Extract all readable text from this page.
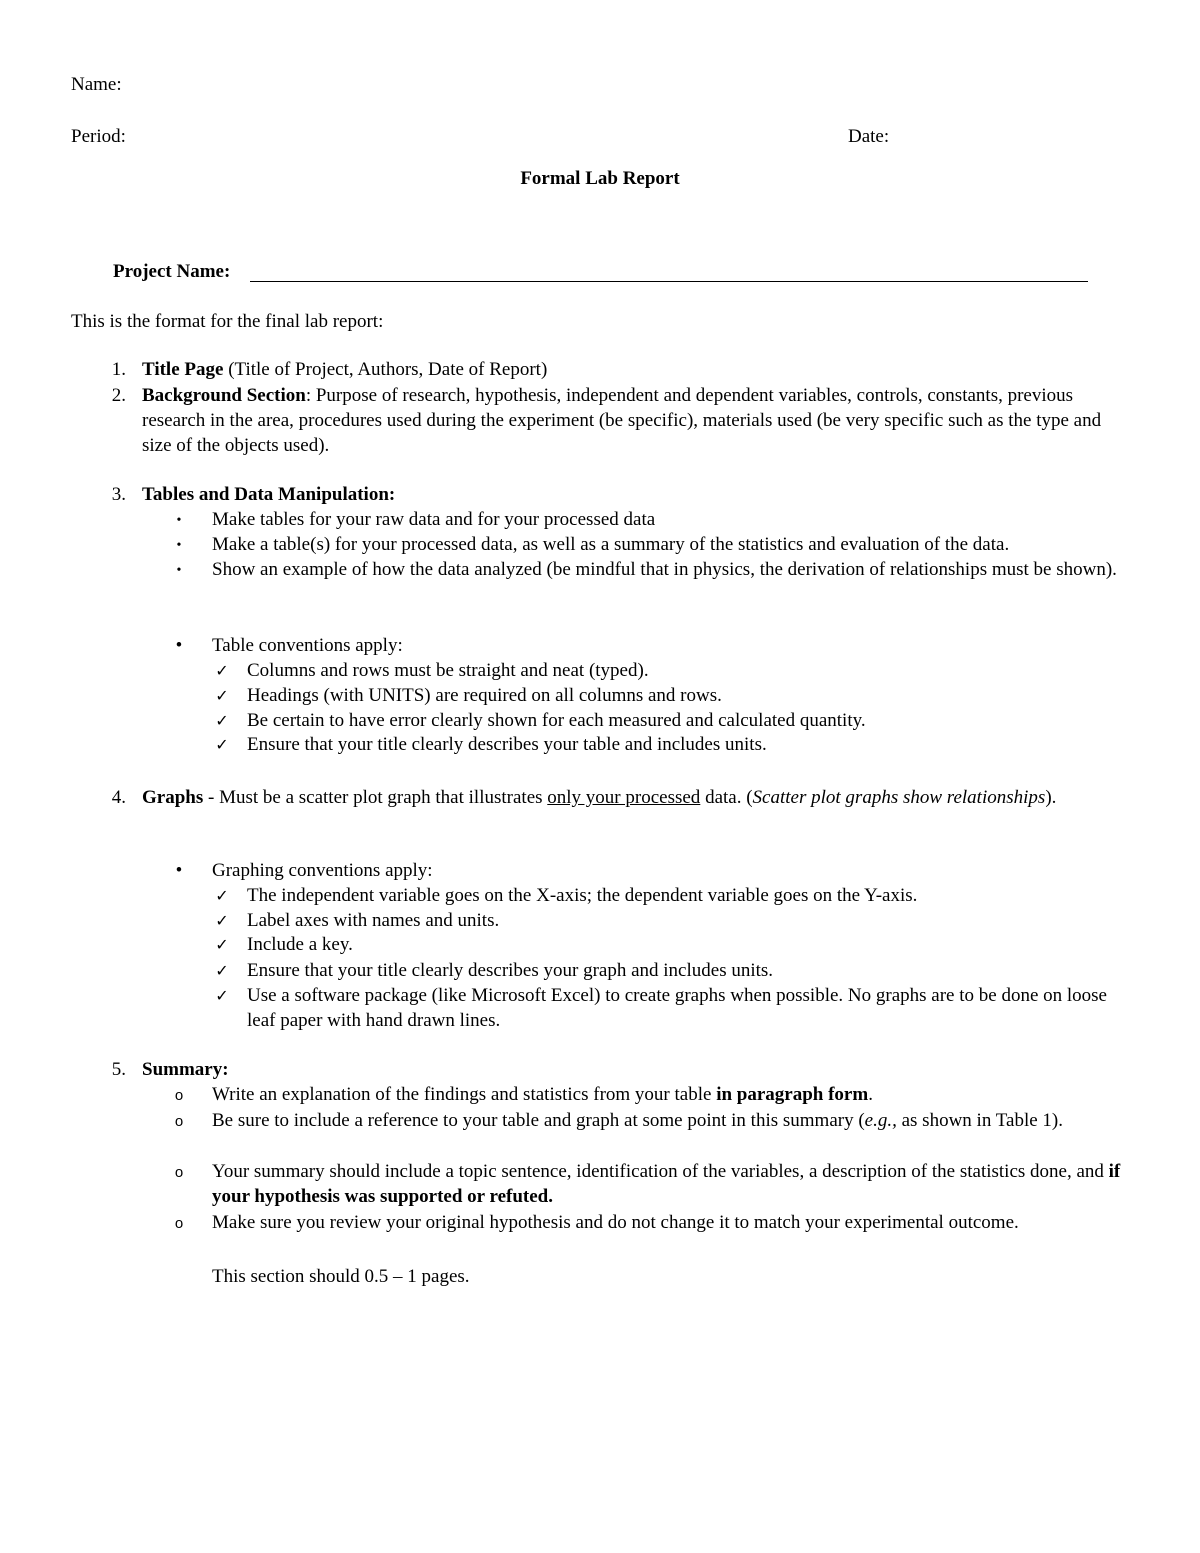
Name:
Period:	Date:
Formal Lab Report
Project Name:
This is the format for the final lab report:
1. Title Page (Title of Project, Authors, Date of Report)
2. Background Section: Purpose of research, hypothesis, independent and dependent variables, controls, constants, previous research in the area, procedures used during the experiment (be specific), materials used (be very specific such as the type and size of the objects used).
3. Tables and Data Manipulation:
• Make tables for your raw data and for your processed data
• Make a table(s) for your processed data, as well as a summary of the statistics and evaluation of the data.
• Show an example of how the data analyzed (be mindful that in physics, the derivation of relationships must be shown).
• Table conventions apply:
✓ Columns and rows must be straight and neat (typed).
✓ Headings (with UNITS) are required on all columns and rows.
✓ Be certain to have error clearly shown for each measured and calculated quantity.
✓ Ensure that your title clearly describes your table and includes units.
4. Graphs - Must be a scatter plot graph that illustrates only your processed data. (Scatter plot graphs show relationships).
• Graphing conventions apply:
✓ The independent variable goes on the X-axis; the dependent variable goes on the Y-axis.
✓ Label axes with names and units.
✓ Include a key.
✓ Ensure that your title clearly describes your graph and includes units.
✓ Use a software package (like Microsoft Excel) to create graphs when possible. No graphs are to be done on loose leaf paper with hand drawn lines.
5. Summary:
o Write an explanation of the findings and statistics from your table in paragraph form.
o Be sure to include a reference to your table and graph at some point in this summary (e.g., as shown in Table 1).
o Your summary should include a topic sentence, identification of the variables, a description of the statistics done, and if your hypothesis was supported or refuted.
o Make sure you review your original hypothesis and do not change it to match your experimental outcome.
This section should 0.5 – 1 pages.
